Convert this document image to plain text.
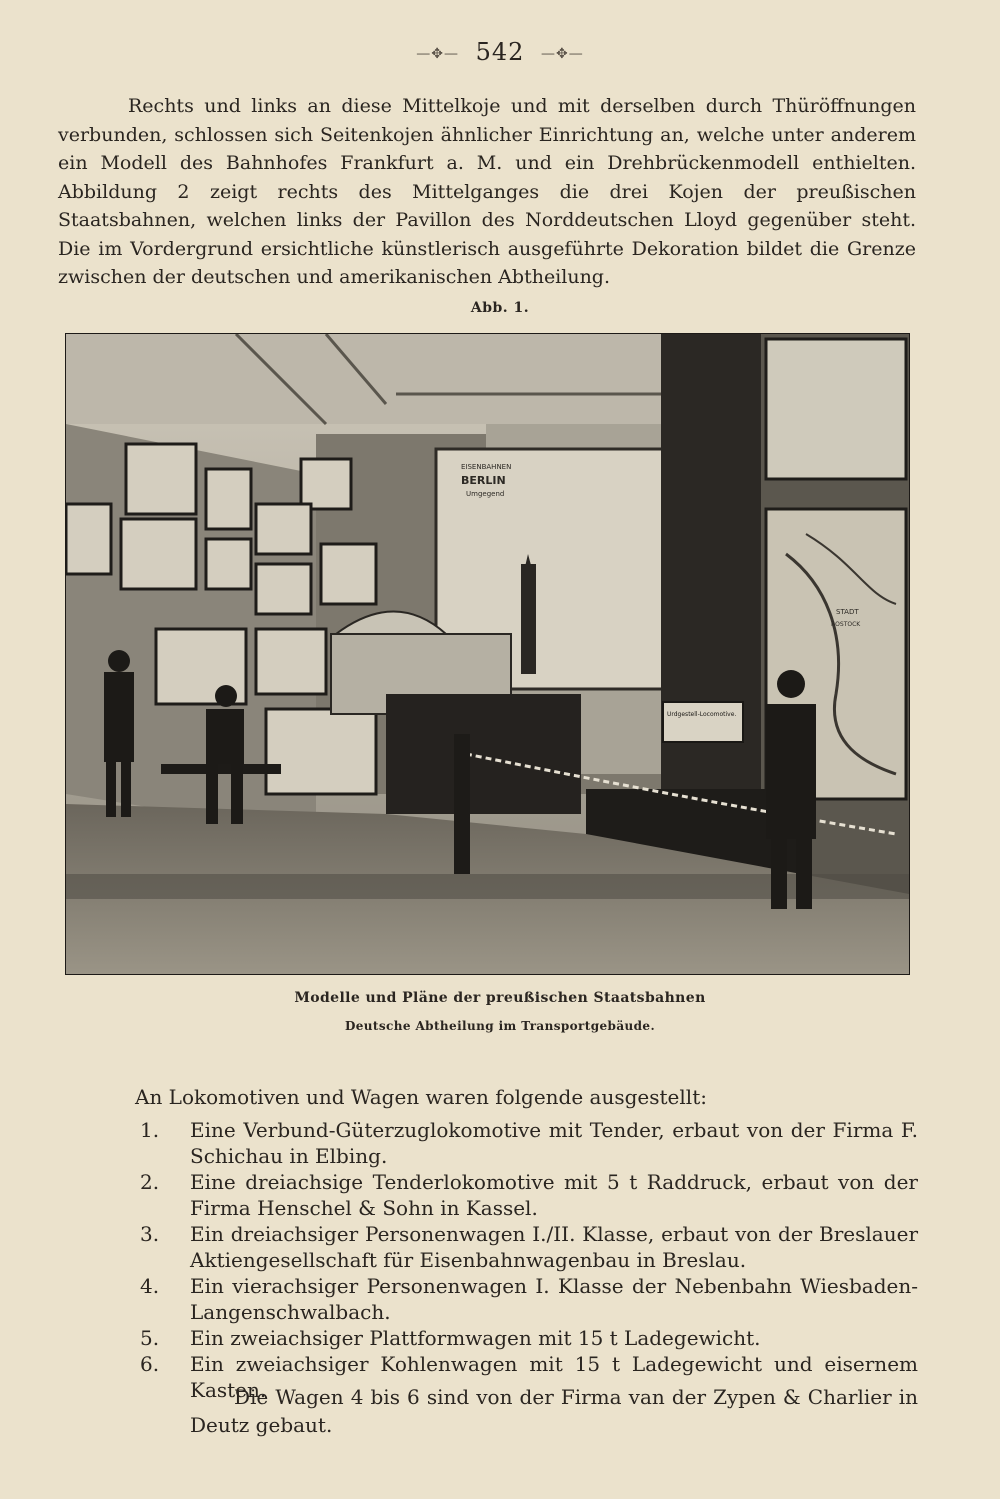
—✥— 542 —✥—

Rechts und links an diese Mittelkoje und mit derselben durch Thüröffnungen verbunden, schlossen sich Seitenkojen ähnlicher Einrichtung an, welche unter anderem ein Modell des Bahnhofes Frankfurt a. M. und ein Drehbrückenmodell enthielten. Abbildung 2 zeigt rechts des Mittelganges die drei Kojen der preußischen Staatsbahnen, welchen links der Pavillon des Norddeutschen Lloyd gegenüber steht. Die im Vordergrund ersichtliche künstlerisch ausgeführte Dekoration bildet die Grenze zwischen der deutschen und amerikanischen Abtheilung.

Abb. 1.
EISENBAHNEN
BERLIN
Umgegend
STADT
ROSTOCK
Urdgestell-Locomotive.
Modelle und Pläne der preußischen Staatsbahnen
Deutsche Abtheilung im Transportgebäude.

An Lokomotiven und Wagen waren folgende ausgestellt:

1.	Eine Verbund-Güterzuglokomotive mit Tender, erbaut von der Firma F. Schichau in Elbing.
2.	Eine dreiachsige Tenderlokomotive mit 5 t Raddruck, erbaut von der Firma Henschel & Sohn in Kassel.
3.	Ein dreiachsiger Personenwagen I./II. Klasse, erbaut von der Breslauer Aktiengesellschaft für Eisenbahnwagenbau in Breslau.
4.	Ein vierachsiger Personenwagen I. Klasse der Nebenbahn Wiesbaden-Langenschwalbach.
5.	Ein zweiachsiger Plattformwagen mit 15 t Ladegewicht.
6.	Ein zweiachsiger Kohlenwagen mit 15 t Ladegewicht und eisernem Kasten.

Die Wagen 4 bis 6 sind von der Firma van der Zypen & Charlier in Deutz gebaut.
